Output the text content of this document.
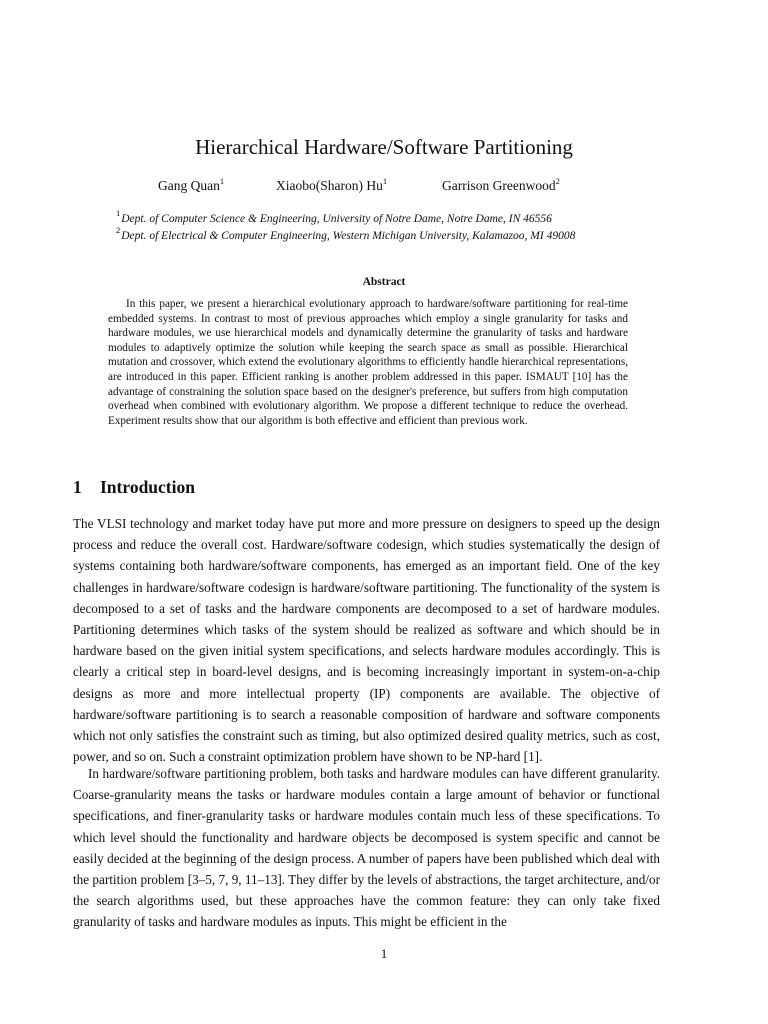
Hierarchical Hardware/Software Partitioning
Gang Quan$^1$	Xiaobo(Sharon) Hu$^1$	Garrison Greenwood$^2$
$^1$Dept. of Computer Science & Engineering, University of Notre Dame, Notre Dame, IN 46556
$^2$Dept. of Electrical & Computer Engineering, Western Michigan University, Kalamazoo, MI 49008
Abstract

In this paper, we present a hierarchical evolutionary approach to hardware/software partitioning for real-time embedded systems. In contrast to most of previous approaches which employ a single granularity for tasks and hardware modules, we use hierarchical models and dynamically determine the granularity of tasks and hardware modules to adaptively optimize the solution while keeping the search space as small as possible. Hierarchical mutation and crossover, which extend the evolutionary algorithms to efficiently handle hierarchical representations, are introduced in this paper. Efficient ranking is another problem addressed in this paper. ISMAUT [10] has the advantage of constraining the solution space based on the designer's preference, but suffers from high computation overhead when combined with evolutionary algorithm. We propose a different technique to reduce the overhead. Experiment results show that our algorithm is both effective and efficient than previous work.

1 Introduction

The VLSI technology and market today have put more and more pressure on designers to speed up the design process and reduce the overall cost. Hardware/software codesign, which studies systematically the design of systems containing both hardware/software components, has emerged as an important field. One of the key challenges in hardware/software codesign is hardware/software partitioning. The functionality of the system is decomposed to a set of tasks and the hardware components are decomposed to a set of hardware modules. Partitioning determines which tasks of the system should be realized as software and which should be in hardware based on the given initial system specifications, and selects hardware modules accordingly. This is clearly a critical step in board-level designs, and is becoming increasingly important in system-on-a-chip designs as more and more intellectual property (IP) components are available. The objective of hardware/software partitioning is to search a reasonable composition of hardware and software components which not only satisfies the constraint such as timing, but also optimized desired quality metrics, such as cost, power, and so on. Such a constraint optimization problem have shown to be NP-hard [1].

In hardware/software partitioning problem, both tasks and hardware modules can have different granularity. Coarse-granularity means the tasks or hardware modules contain a large amount of behavior or functional specifications, and finer-granularity tasks or hardware modules contain much less of these specifications. To which level should the functionality and hardware objects be decomposed is system specific and cannot be easily decided at the beginning of the design process. A number of papers have been published which deal with the partition problem [3–5, 7, 9, 11–13]. They differ by the levels of abstractions, the target architecture, and/or the search algorithms used, but these approaches have the common feature: they can only take fixed granularity of tasks and hardware modules as inputs. This might be efficient in the

1
